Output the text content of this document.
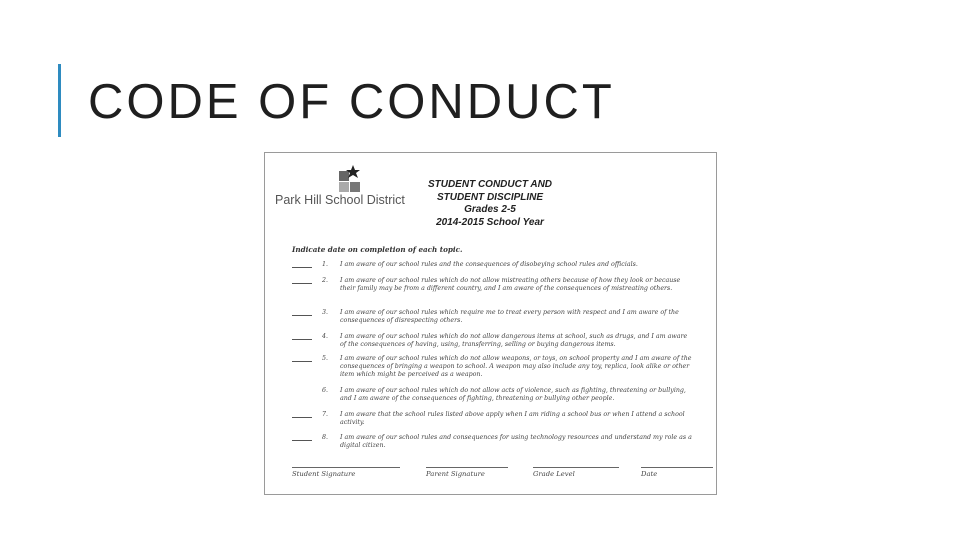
CODE OF CONDUCT
Park Hill School District
STUDENT CONDUCT AND
STUDENT DISCIPLINE
Grades 2-5
2014-2015 School Year
Indicate date on completion of each topic.
1. I am aware of our school rules and the consequences of disobeying school rules and officials.
2. I am aware of our school rules which do not allow mistreating others because of how they look or because their family may be from a different country, and I am aware of the consequences of mistreating others.
3. I am aware of our school rules which require me to treat every person with respect and I am aware of the consequences of disrespecting others.
4. I am aware of our school rules which do not allow dangerous items at school, such as drugs, and I am aware of the consequences of having, using, transferring, selling or buying dangerous items.
5. I am aware of our school rules which do not allow weapons, or toys, on school property and I am aware of the consequences of bringing a weapon to school. A weapon may also include any toy, replica, look alike or other item which might be perceived as a weapon.
6. I am aware of our school rules which do not allow acts of violence, such as fighting, threatening or bullying, and I am aware of the consequences of fighting, threatening or bullying other people.
7. I am aware that the school rules listed above apply when I am riding a school bus or when I attend a school activity.
8. I am aware of our school rules and consequences for using technology resources and understand my role as a digital citizen.
Student Signature	Parent Signature	Grade Level	Date
